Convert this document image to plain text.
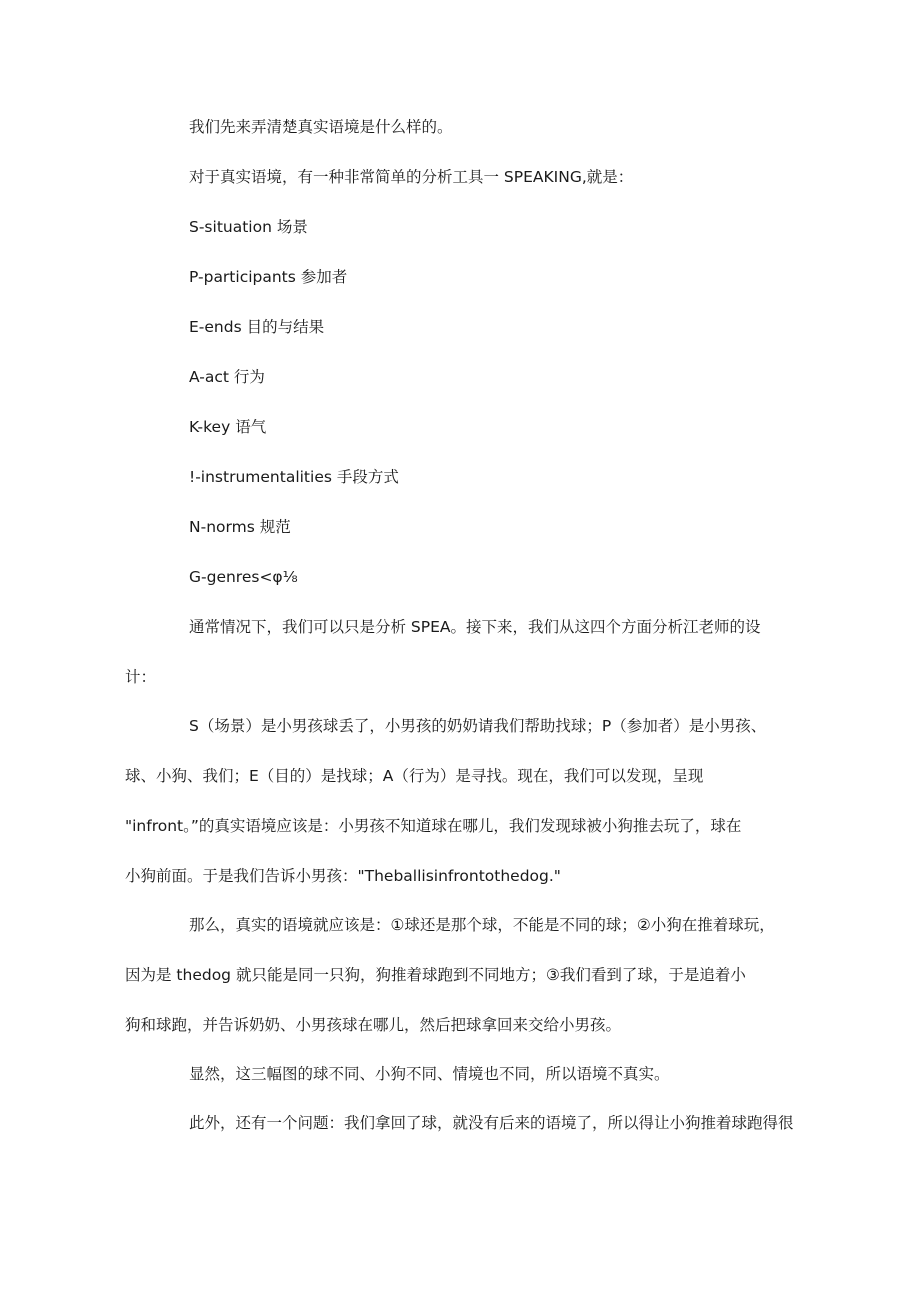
我们先来弄清楚真实语境是什么样的。

对于真实语境，有一种非常简单的分析工具一 SPEAKING,就是：

S-situation 场景

P-participants 参加者

E-ends 目的与结果

A-act 行为

K-key 语气

!-instrumentalities 手段方式

N-norms 规范

G-genres<φ⅛

通常情况下，我们可以只是分析 SPEA。接下来，我们从这四个方面分析江老师的设
计：

S（场景）是小男孩球丢了，小男孩的奶奶请我们帮助找球；P（参加者）是小男孩、
球、小狗、我们；E（目的）是找球；A（行为）是寻找。现在，我们可以发现，呈现
"infront。”的真实语境应该是：小男孩不知道球在哪儿，我们发现球被小狗推去玩了，球在
小狗前面。于是我们告诉小男孩："Theballisinfrontothedog."

那么，真实的语境就应该是：①球还是那个球，不能是不同的球；②小狗在推着球玩，
因为是 thedog 就只能是同一只狗，狗推着球跑到不同地方；③我们看到了球，于是追着小
狗和球跑，并告诉奶奶、小男孩球在哪儿，然后把球拿回来交给小男孩。

显然，这三幅图的球不同、小狗不同、情境也不同，所以语境不真实。

此外，还有一个问题：我们拿回了球，就没有后来的语境了，所以得让小狗推着球跑得很
